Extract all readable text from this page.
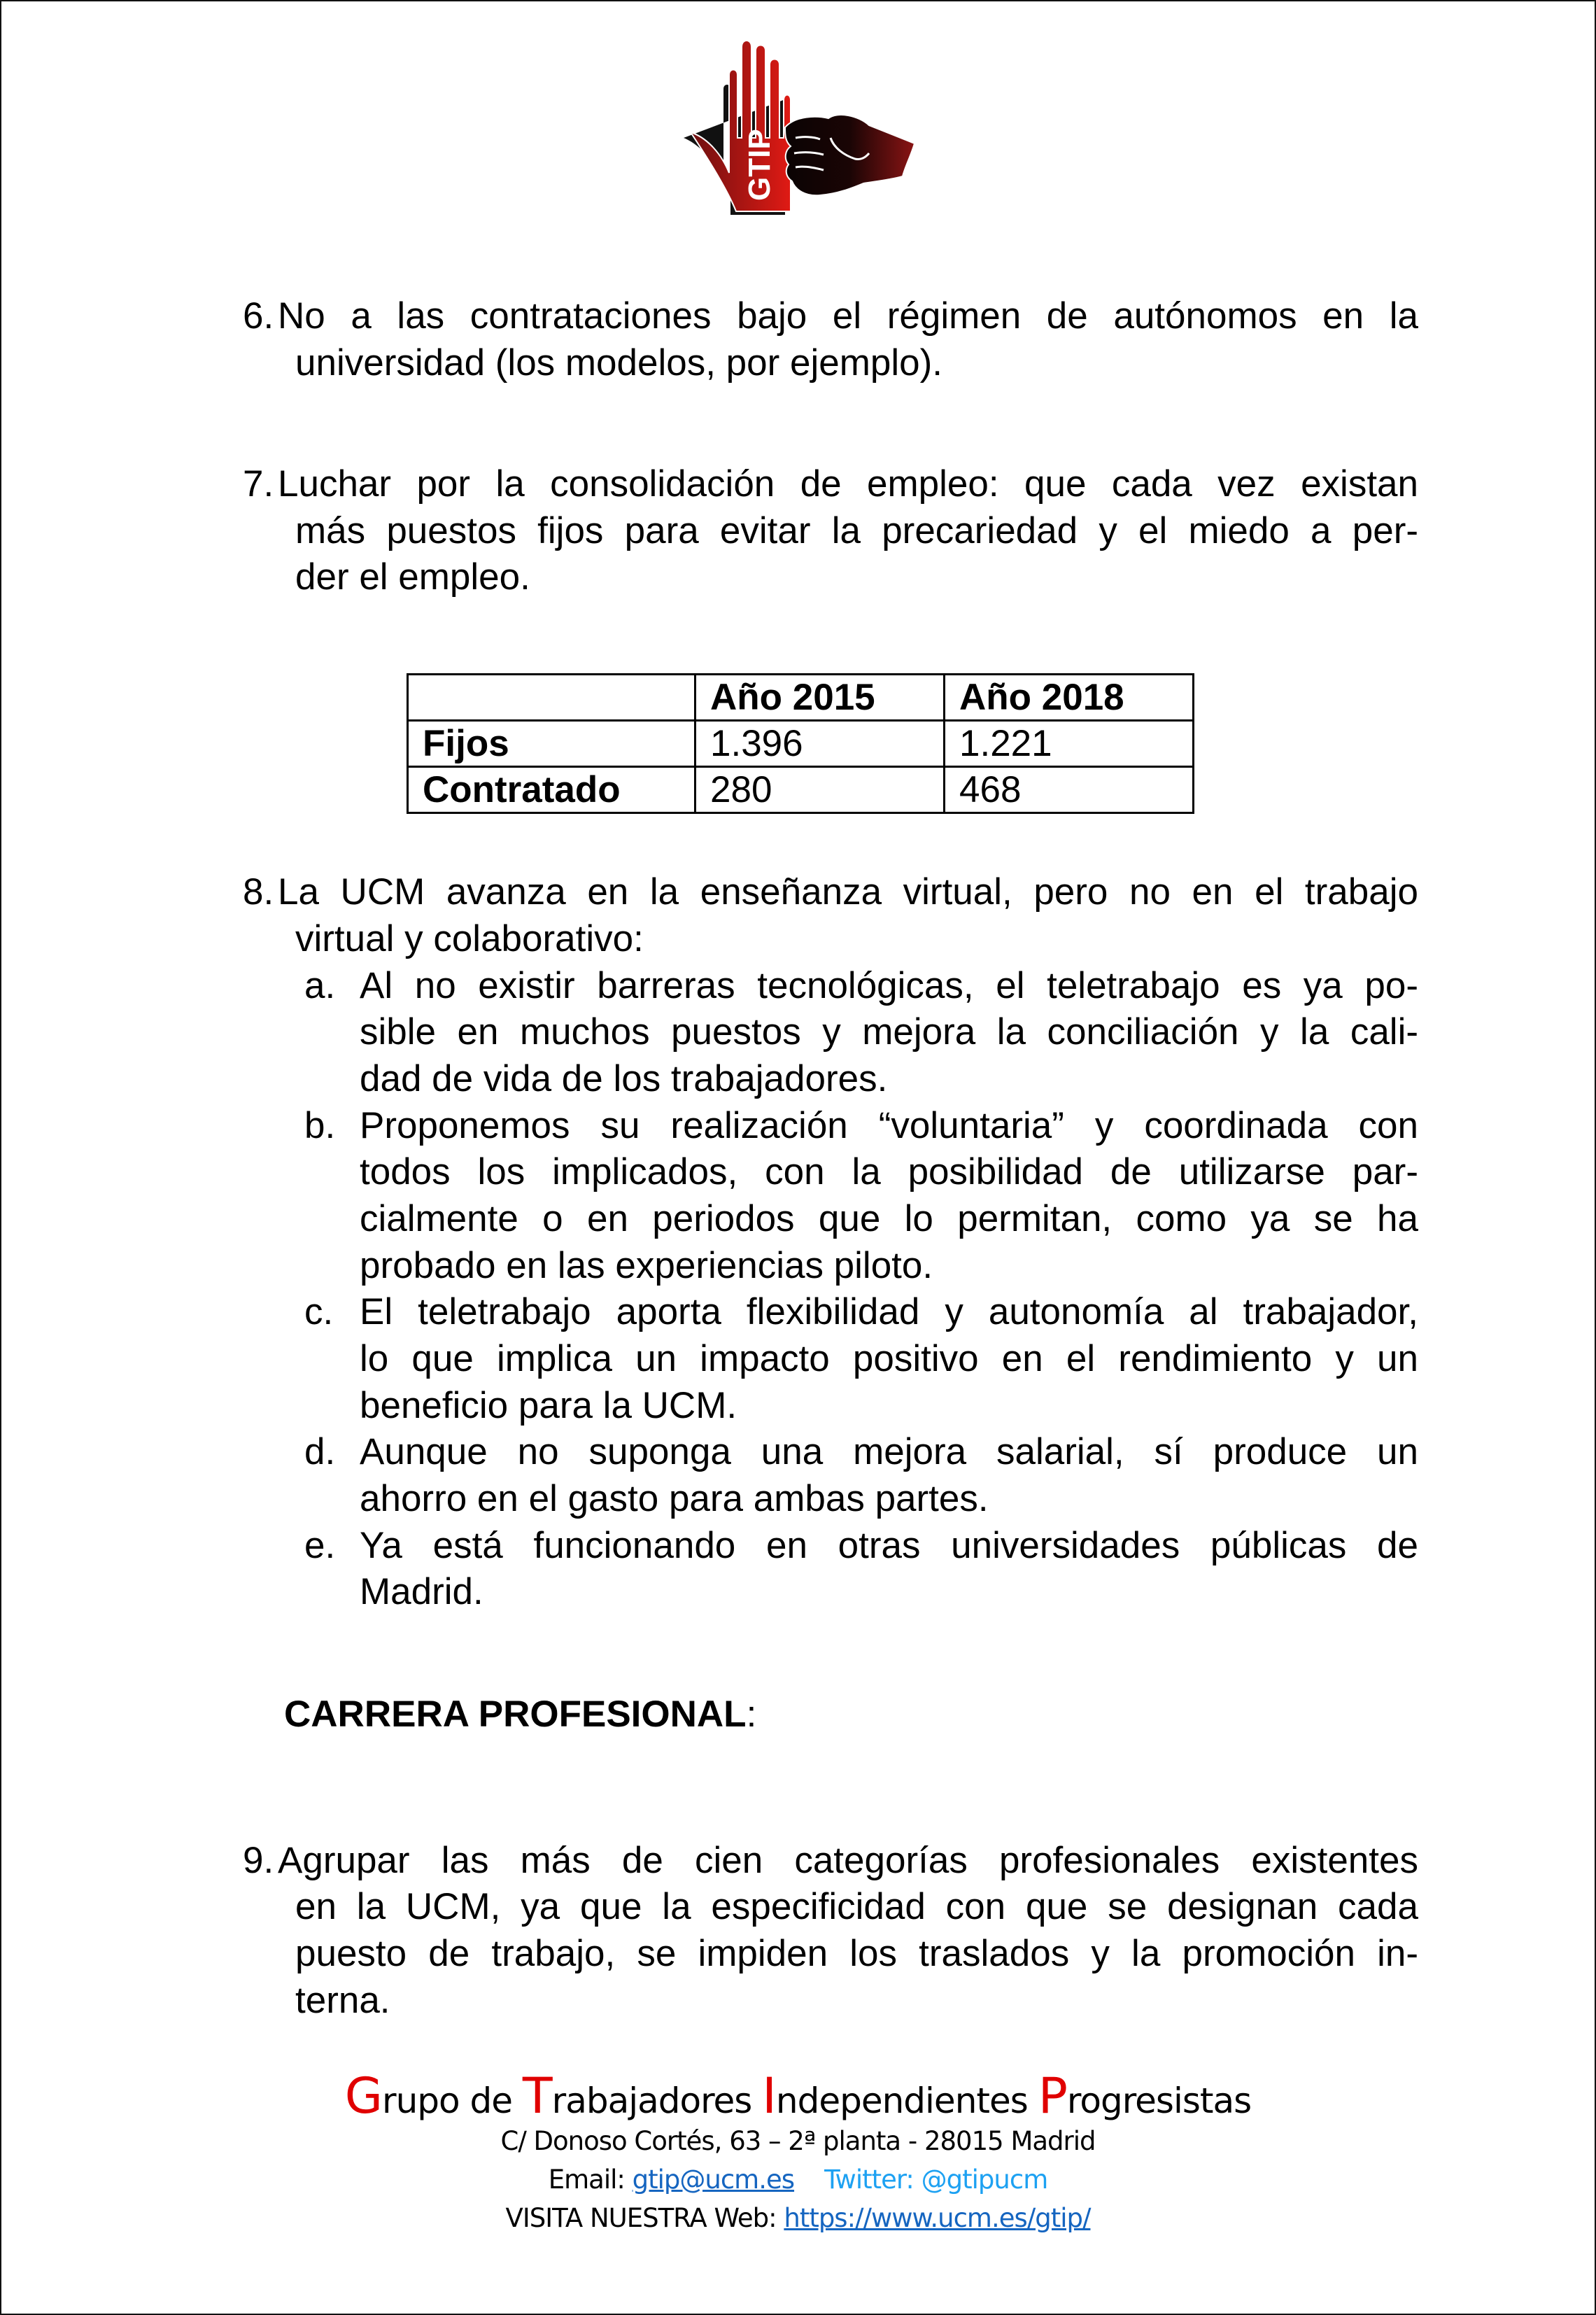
GTIP
6. No a las contrataciones bajo el régimen de autónomos en la
universidad (los modelos, por ejemplo).
7. Luchar por la consolidación de empleo: que cada vez existan
más puestos fijos para evitar la precariedad y el miedo a per-
der el empleo.
	Año 2015	Año 2018
Fijos	1.396	1.221
Contratado	280	468
8. La UCM avanza en la enseñanza virtual, pero no en el trabajo
virtual y colaborativo:
a. Al no existir barreras tecnológicas, el teletrabajo es ya po-
sible en muchos puestos y mejora la conciliación y la cali-
dad de vida de los trabajadores.
b. Proponemos su realización “voluntaria” y coordinada con
todos los implicados, con la posibilidad de utilizarse par-
cialmente o en periodos que lo permitan, como ya se ha
probado en las experiencias piloto.
c. El teletrabajo aporta flexibilidad y autonomía al trabajador,
lo que implica un impacto positivo en el rendimiento y un
beneficio para la UCM.
d. Aunque no suponga una mejora salarial, sí produce un
ahorro en el gasto para ambas partes.
e. Ya está funcionando en otras universidades públicas de
Madrid.
CARRERA PROFESIONAL:
9. Agrupar las más de cien categorías profesionales existentes
en la UCM, ya que la especificidad con que se designan cada
puesto de trabajo, se impiden los traslados y la promoción in-
terna.
Grupo de Trabajadores Independientes Progresistas
C/ Donoso Cortés, 63 – 2ª planta - 28015 Madrid
Email: gtip@ucm.es Twitter: @gtipucm
VISITA NUESTRA Web: https://www.ucm.es/gtip/
